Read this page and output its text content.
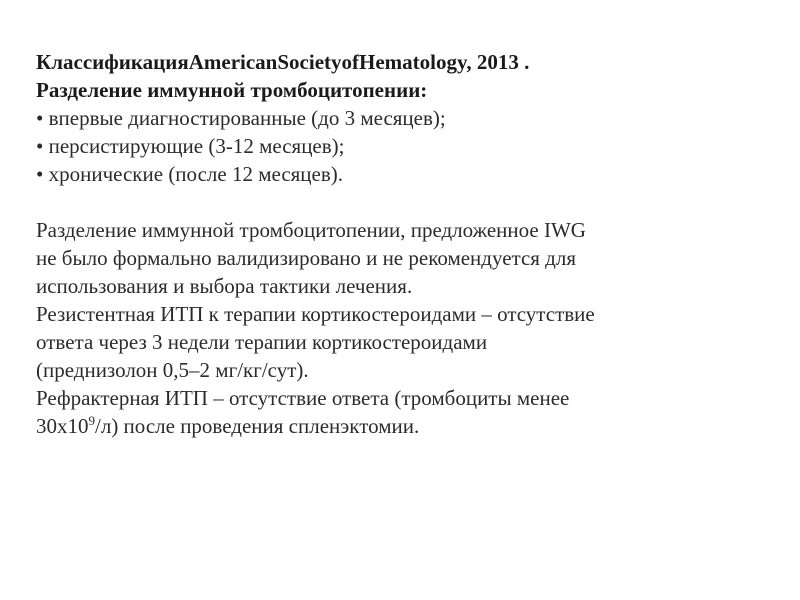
КлассификацияAmericanSocietyofHematology, 2013 .
Разделение иммунной тромбоцитопении:
• впервые диагностированные (до 3 месяцев);
• персистирующие (3-12 месяцев);
• хронические (после 12 месяцев).
Разделение иммунной тромбоцитопении, предложенное IWG
не было формально валидизировано и не рекомендуется для
использования и выбора тактики лечения.
Резистентная ИТП к терапии кортикостероидами – отсутствие
ответа через 3 недели терапии кортикостероидами
(преднизолон 0,5–2 мг/кг/сут).
Рефрактерная ИТП – отсутствие ответа (тромбоциты менее
$30x10^9/л$) после проведения спленэктомии.
